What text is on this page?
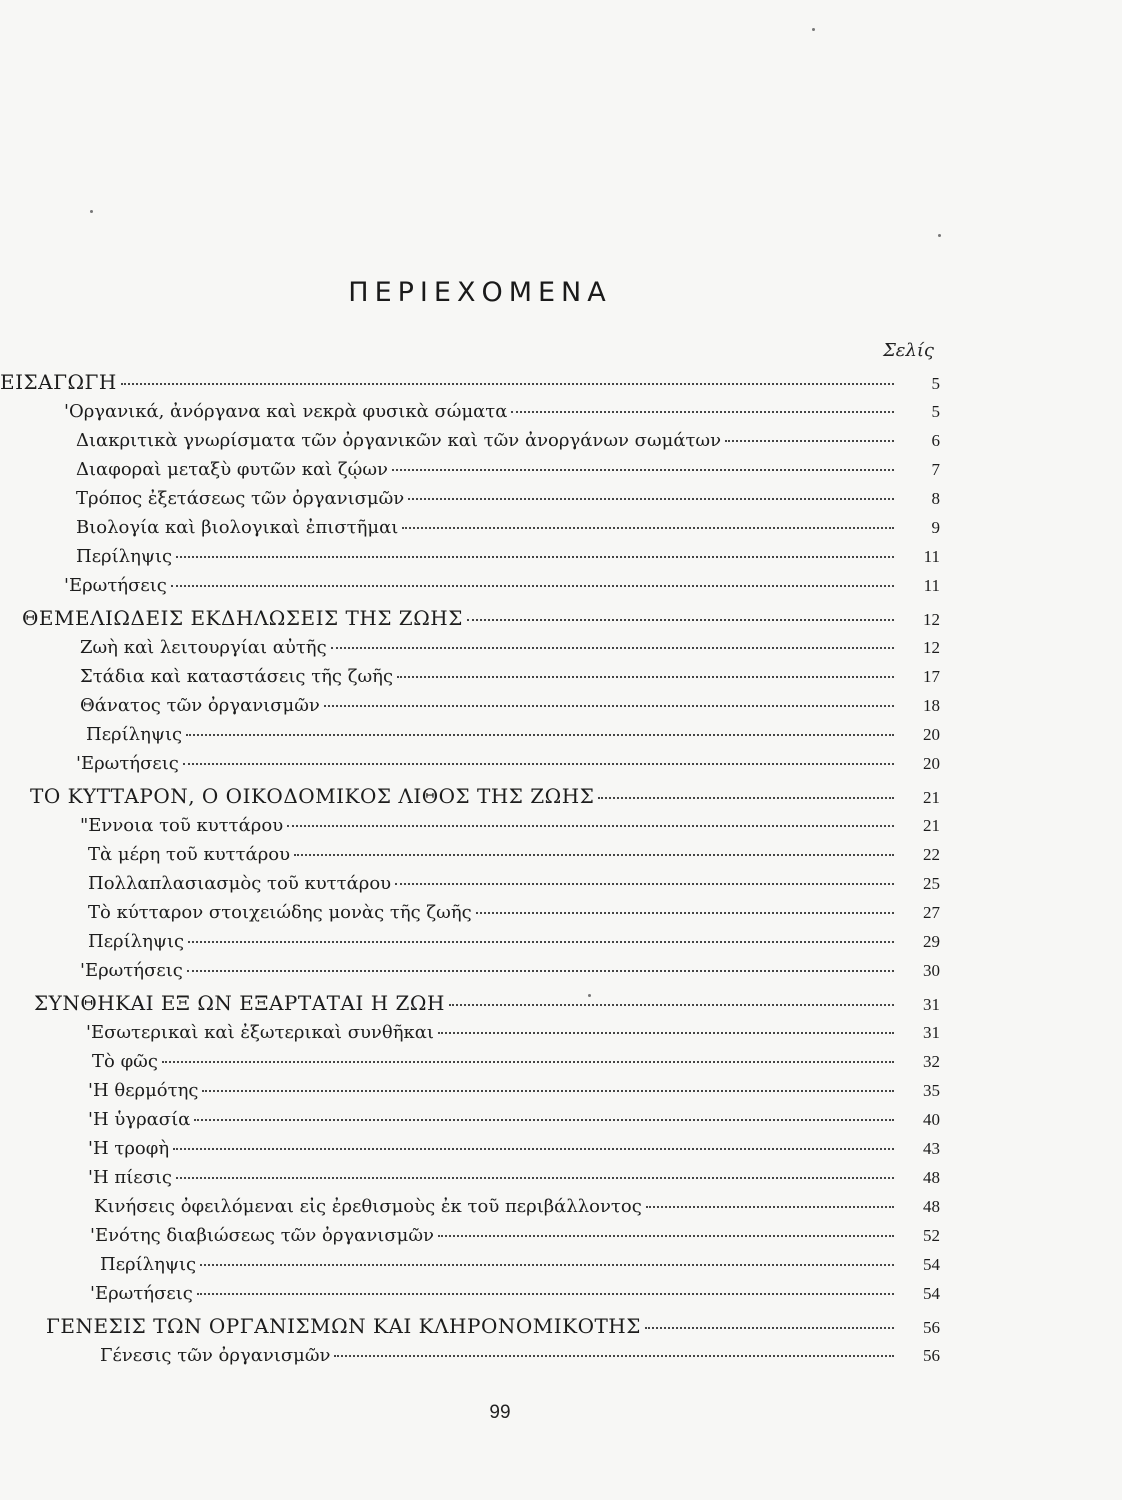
ΠΕΡΙΕΧΟΜΕΝΑ
Σελίς
ΕΙΣΑΓΩΓΗ	5
'Οργανικά, ἀνόργανα καὶ νεκρὰ φυσικὰ σώματα	5
Διακριτικὰ γνωρίσματα τῶν ὀργανικῶν καὶ τῶν ἀνοργάνων σωμάτων	6
Διαφοραὶ μεταξὺ φυτῶν καὶ ζῴων	7
Τρόπος ἐξετάσεως τῶν ὀργανισμῶν	8
Βιολογία καὶ βιολογικαὶ ἐπιστῆμαι	9
Περίληψις	11
'Ερωτήσεις	11
ΘΕΜΕΛΙΩΔΕΙΣ ΕΚΔΗΛΩΣΕΙΣ ΤΗΣ ΖΩΗΣ	12
Ζωὴ καὶ λειτουργίαι αὐτῆς	12
Στάδια καὶ καταστάσεις τῆς ζωῆς	17
Θάνατος τῶν ὀργανισμῶν	18
Περίληψις	20
'Ερωτήσεις	20
ΤΟ ΚΥΤΤΑΡΟΝ, Ο ΟΙΚΟΔΟΜΙΚΟΣ ΛΙΘΟΣ ΤΗΣ ΖΩΗΣ	21
"Εννοια τοῦ κυττάρου	21
Τὰ μέρη τοῦ κυττάρου	22
Πολλαπλασιασμὸς τοῦ κυττάρου	25
Τὸ κύτταρον στοιχειώδης μονὰς τῆς ζωῆς	27
Περίληψις	29
'Ερωτήσεις	30
ΣΥΝΘΗΚΑΙ ΕΞ ΩΝ ΕΞΑΡΤΑΤΑΙ Η ΖΩΗ	31
'Εσωτερικαὶ καὶ ἐξωτερικαὶ συνθῆκαι	31
Τὸ φῶς	32
'Η θερμότης	35
'Η ὑγρασία	40
'Η τροφὴ	43
'Η πίεσις	48
Κινήσεις ὀφειλόμεναι εἰς ἐρεθισμοὺς ἐκ τοῦ περιβάλλοντος	48
'Ενότης διαβιώσεως τῶν ὀργανισμῶν	52
Περίληψις	54
'Ερωτήσεις	54
ΓΕΝΕΣΙΣ ΤΩΝ ΟΡΓΑΝΙΣΜΩΝ ΚΑΙ ΚΛΗΡΟΝΟΜΙΚΟΤΗΣ	56
Γένεσις τῶν ὀργανισμῶν	56
99
